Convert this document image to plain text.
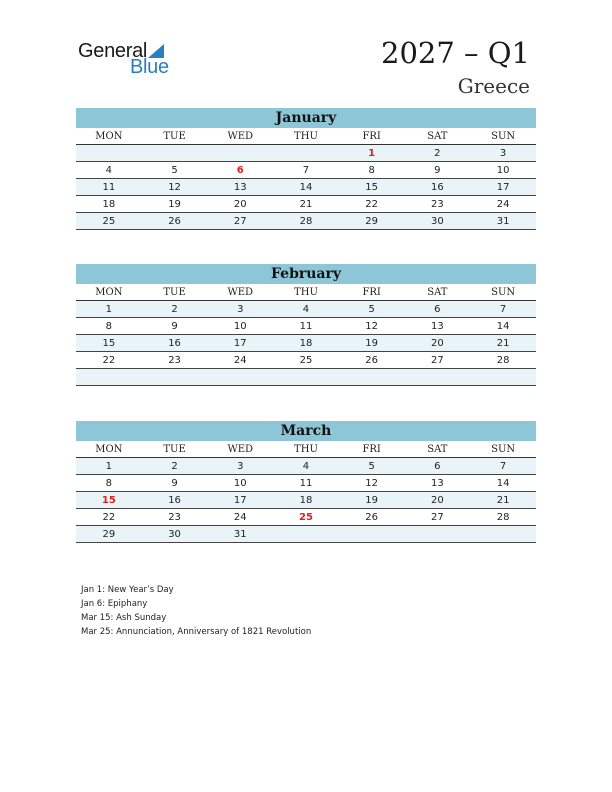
General
Blue	2027 – Q1
Greece
January
MON	TUE	WED	THU	FRI	SAT	SUN
				1	2	3
4	5	6	7	8	9	10
11	12	13	14	15	16	17
18	19	20	21	22	23	24
25	26	27	28	29	30	31
February
MON	TUE	WED	THU	FRI	SAT	SUN
1	2	3	4	5	6	7
8	9	10	11	12	13	14
15	16	17	18	19	20	21
22	23	24	25	26	27	28

March
MON	TUE	WED	THU	FRI	SAT	SUN
1	2	3	4	5	6	7
8	9	10	11	12	13	14
15	16	17	18	19	20	21
22	23	24	25	26	27	28
29	30	31				
Jan 1: New Year’s Day
Jan 6: Epiphany
Mar 15: Ash Sunday
Mar 25: Annunciation, Anniversary of 1821 Revolution
